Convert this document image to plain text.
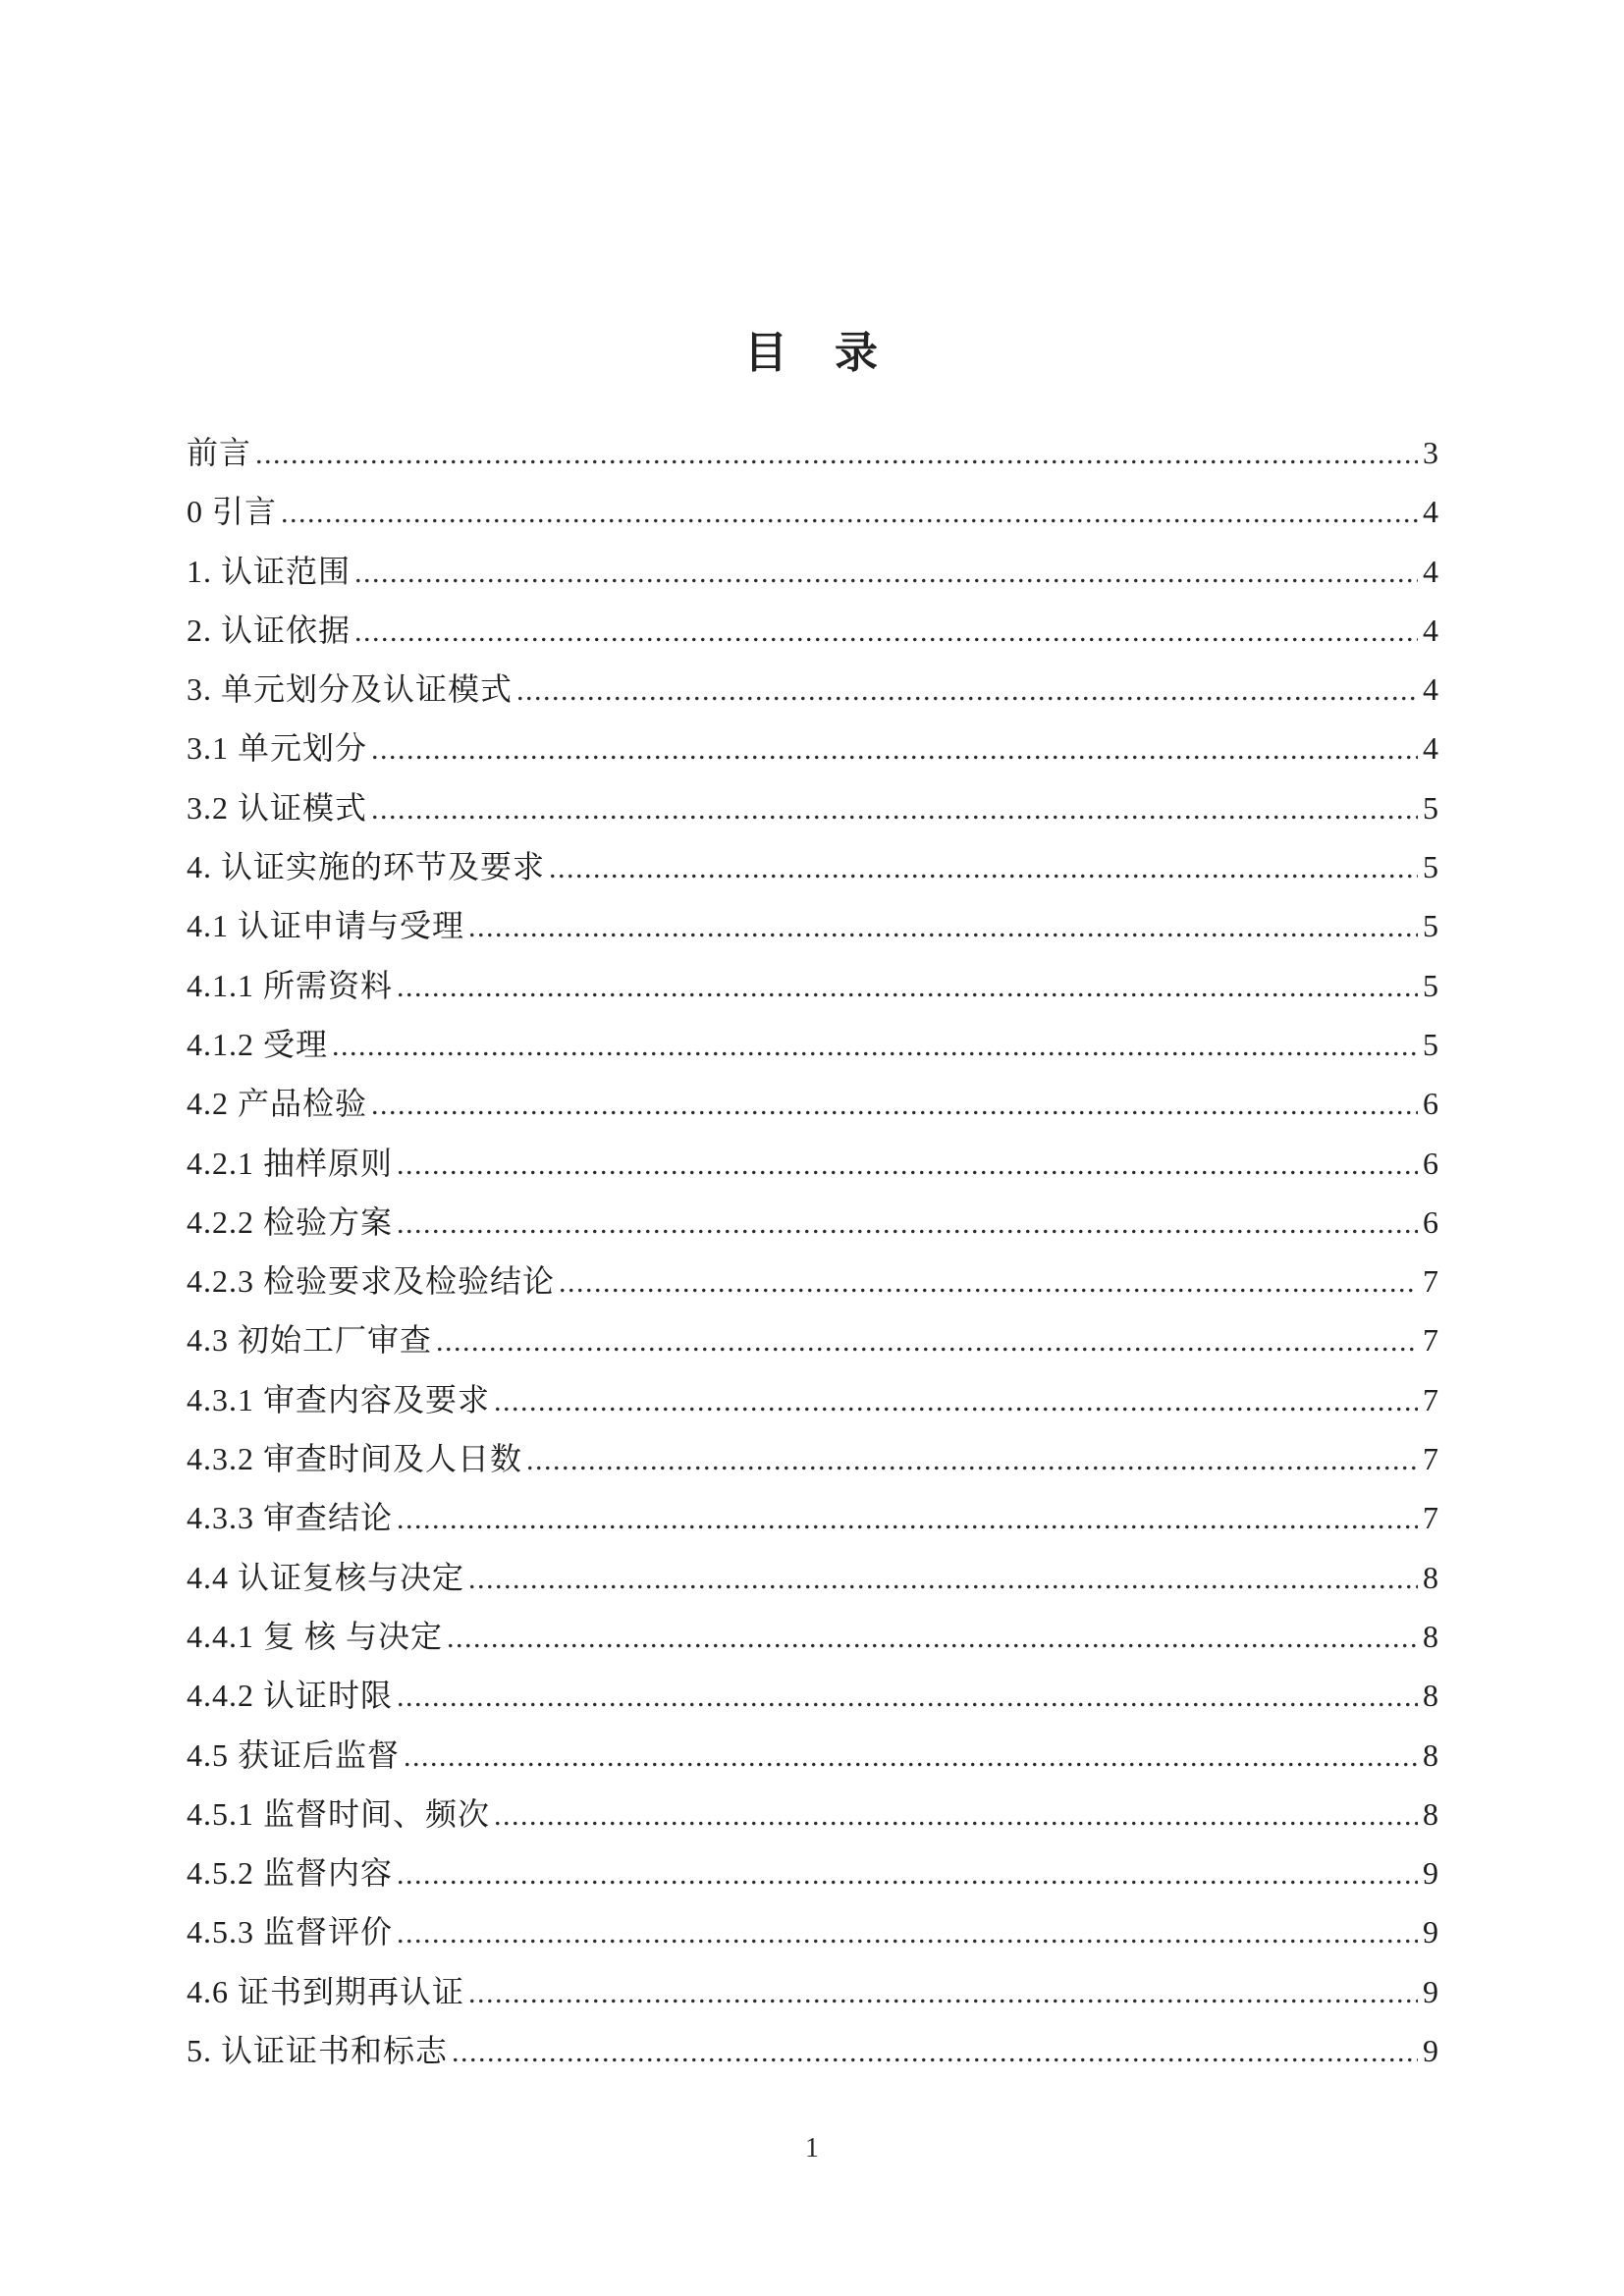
目　录
前言 .....	3
0 引言 .....	4
1. 认证范围 .....	4
2. 认证依据 .....	4
3. 单元划分及认证模式 .....	4
3.1 单元划分 .....	4
3.2 认证模式 .....	5
4. 认证实施的环节及要求 .....	5
4.1 认证申请与受理 .....	5
4.1.1 所需资料 .....	5
4.1.2 受理 .....	5
4.2 产品检验 .....	6
4.2.1 抽样原则 .....	6
4.2.2 检验方案 .....	6
4.2.3 检验要求及检验结论 .....	7
4.3 初始工厂审查 .....	7
4.3.1 审查内容及要求 .....	7
4.3.2 审查时间及人日数 .....	7
4.3.3 审查结论 .....	7
4.4 认证复核与决定 .....	8
4.4.1 复 核 与决定 .....	8
4.4.2 认证时限 .....	8
4.5 获证后监督 .....	8
4.5.1 监督时间、频次 .....	8
4.5.2 监督内容 .....	9
4.5.3 监督评价 .....	9
4.6 证书到期再认证 .....	9
5. 认证证书和标志 .....	9
1
